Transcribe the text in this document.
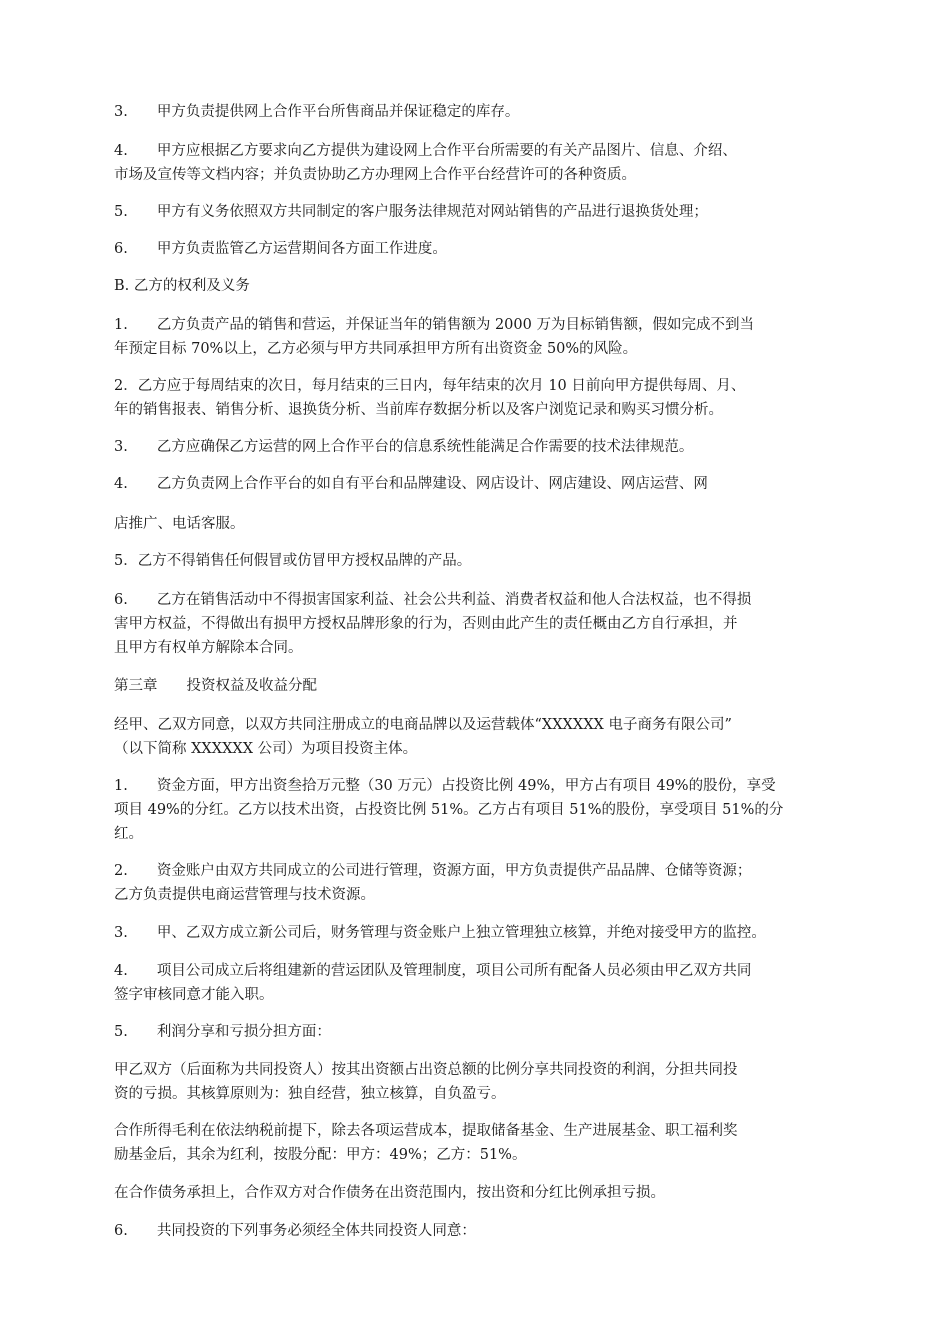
3.　　甲方负责提供网上合作平台所售商品并保证稳定的库存。

4.　　甲方应根据乙方要求向乙方提供为建设网上合作平台所需要的有关产品图片、信息、介绍、
市场及宣传等文档内容；并负责协助乙方办理网上合作平台经营许可的各种资质。

5.　　甲方有义务依照双方共同制定的客户服务法律规范对网站销售的产品进行退换货处理；

6.　　甲方负责监管乙方运营期间各方面工作进度。

B. 乙方的权利及义务

1.　　乙方负责产品的销售和营运，并保证当年的销售额为 2000 万为目标销售额，假如完成不到当
年预定目标 70%以上，乙方必须与甲方共同承担甲方所有出资资金 50%的风险。

2．乙方应于每周结束的次日，每月结束的三日内，每年结束的次月 10 日前向甲方提供每周、月、
年的销售报表、销售分析、退换货分析、当前库存数据分析以及客户浏览记录和购买习惯分析。

3.　　乙方应确保乙方运营的网上合作平台的信息系统性能满足合作需要的技术法律规范。

4.　　乙方负责网上合作平台的如自有平台和品牌建设、网店设计、网店建设、网店运营、网

店推广、电话客服。

5．乙方不得销售任何假冒或仿冒甲方授权品牌的产品。

6.　　乙方在销售活动中不得损害国家利益、社会公共利益、消费者权益和他人合法权益，也不得损
害甲方权益，不得做出有损甲方授权品牌形象的行为，否则由此产生的责任概由乙方自行承担，并
且甲方有权单方解除本合同。

第三章　　投资权益及收益分配

经甲、乙双方同意，以双方共同注册成立的电商品牌以及运营载体“XXXXXX 电子商务有限公司”
（以下简称 XXXXXX 公司）为项目投资主体。

1.　　资金方面，甲方出资叁拾万元整（30 万元）占投资比例 49%，甲方占有项目 49%的股份，享受
项目 49%的分红。乙方以技术出资，占投资比例 51%。乙方占有项目 51%的股份，享受项目 51%的分
红。

2.　　资金账户由双方共同成立的公司进行管理，资源方面，甲方负责提供产品品牌、仓储等资源；
乙方负责提供电商运营管理与技术资源。

3.　　甲、乙双方成立新公司后，财务管理与资金账户上独立管理独立核算，并绝对接受甲方的监控。

4.　　项目公司成立后将组建新的营运团队及管理制度，项目公司所有配备人员必须由甲乙双方共同
签字审核同意才能入职。

5.　　利润分享和亏损分担方面：

甲乙双方（后面称为共同投资人）按其出资额占出资总额的比例分享共同投资的利润，分担共同投
资的亏损。其核算原则为：独自经营，独立核算，自负盈亏。

合作所得毛利在依法纳税前提下，除去各项运营成本，提取储备基金、生产进展基金、职工福利奖
励基金后，其余为红利，按股分配：甲方：49%；乙方：51%。

在合作债务承担上，合作双方对合作债务在出资范围内，按出资和分红比例承担亏损。

6.　　共同投资的下列事务必须经全体共同投资人同意：
